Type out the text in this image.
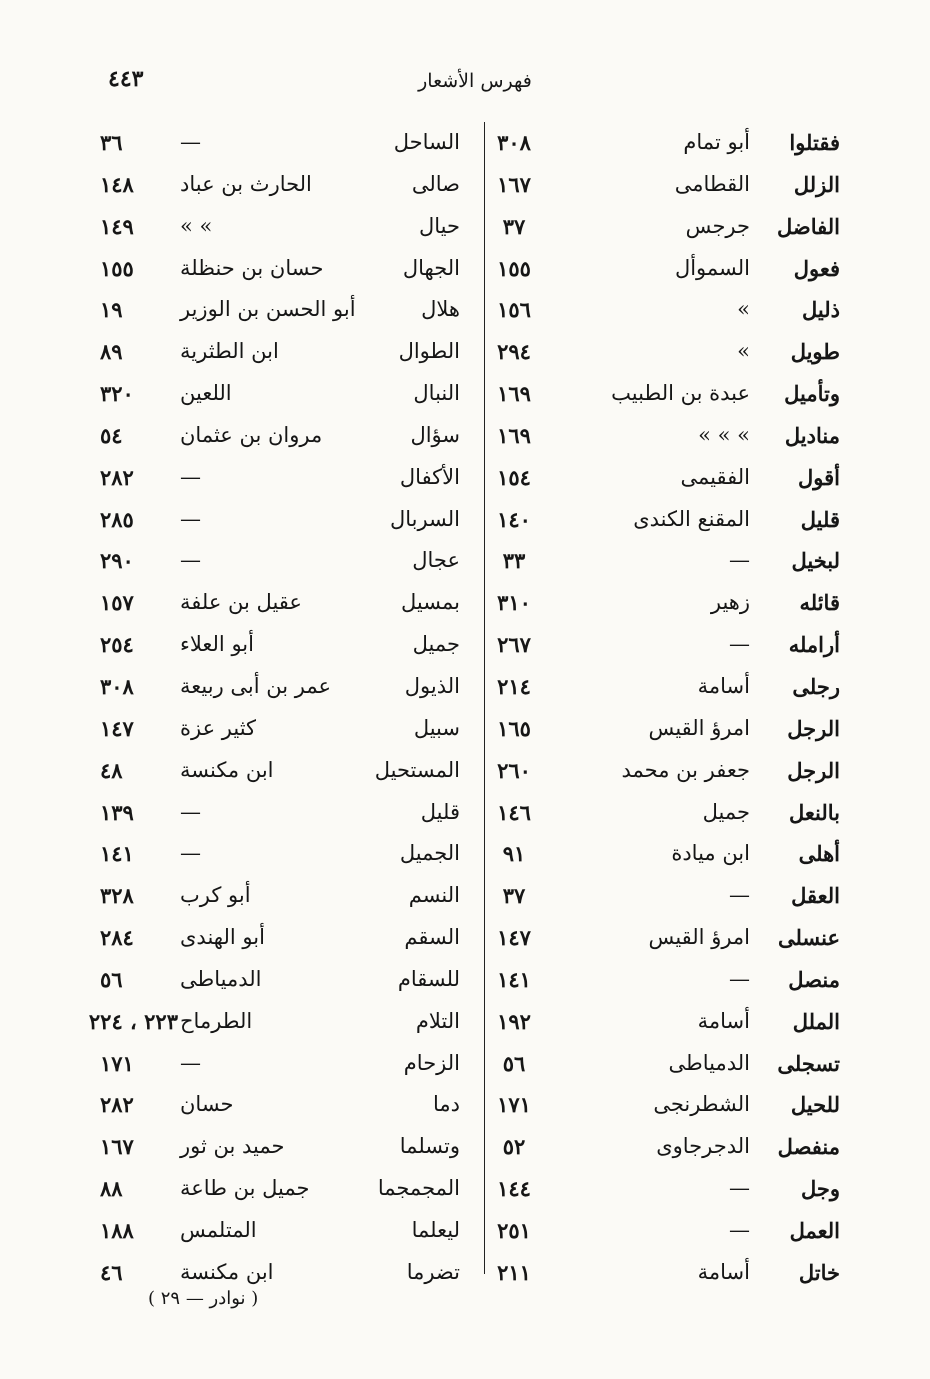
٤٤٣	فهرس الأشعار
فقتلوا
أبو تمام
٣٠٨
الساحل
—
٣٦
الزلل
القطامى
١٦٧
صالى
الحارث بن عباد
١٤٨
الفاضل
جرجس
٣٧
حيال
» »
١٤٩
فعول
السموأل
١٥٥
الجهال
حسان بن حنظلة
١٥٥
ذليل
»
١٥٦
هلال
أبو الحسن بن الوزير
١٩
طويل
»
٢٩٤
الطوال
ابن الطثرية
٨٩
وتأميل
عبدة بن الطبيب
١٦٩
النبال
اللعين
٣٢٠
مناديل
» » »
١٦٩
سؤال
مروان بن عثمان
٥٤
أقول
الفقيمى
١٥٤
الأكفال
—
٢٨٢
قليل
المقنع الكندى
١٤٠
السربال
—
٢٨٥
لبخيل
—
٣٣
عجال
—
٢٩٠
قائله
زهير
٣١٠
بمسيل
عقيل بن علفة
١٥٧
أرامله
—
٢٦٧
جميل
أبو العلاء
٢٥٤
رجلى
أسامة
٢١٤
الذيول
عمر بن أبى ربيعة
٣٠٨
الرجل
امرؤ القيس
١٦٥
سبيل
كثير عزة
١٤٧
الرجل
جعفر بن محمد
٢٦٠
المستحيل
ابن مكنسة
٤٨
بالنعل
جميل
١٤٦
قليل
—
١٣٩
أهلى
ابن ميادة
٩١
الجميل
—
١٤١
العقل
—
٣٧
النسم
أبو كرب
٣٢٨
عنسلى
امرؤ القيس
١٤٧
السقم
أبو الهندى
٢٨٤
منصل
—
١٤١
للسقام
الدمياطى
٥٦
الملل
أسامة
١٩٢
التلام
الطرماح
٢٢٣ ، ٢٢٤
تسجلى
الدمياطى
٥٦
الزحام
—
١٧١
للحيل
الشطرنجى
١٧١
دما
حسان
٢٨٢
منفصل
الدجرجاوى
٥٢
وتسلما
حميد بن ثور
١٦٧
وجل
—
١٤٤
المجمجما
جميل بن طاعة
٨٨
العمل
—
٢٥١
ليعلما
المتلمس
١٨٨
خاتل
أسامة
٢١١
تضرما
ابن مكنسة
٤٦
( نوادر — ٢٩ )
